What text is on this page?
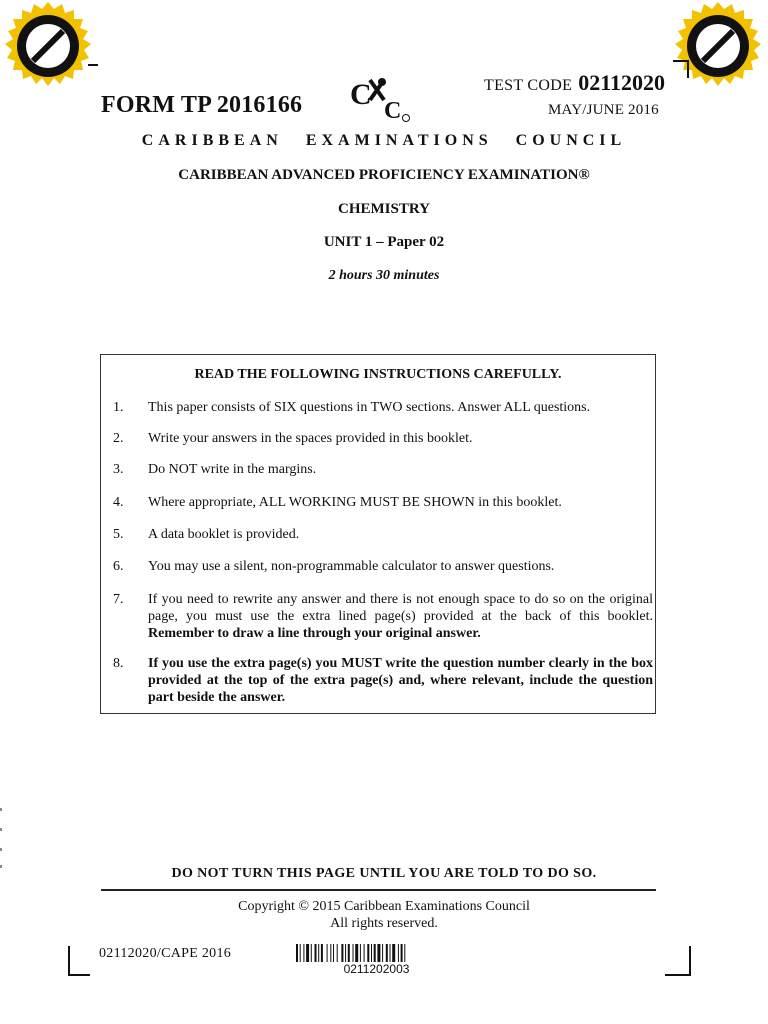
FORM TP 2016166 C C
TEST CODE 02112020
MAY/JUNE 2016
CARIBBEAN EXAMINATIONS COUNCIL
CARIBBEAN ADVANCED PROFICIENCY EXAMINATION®
CHEMISTRY
UNIT 1 – Paper 02
2 hours 30 minutes
READ THE FOLLOWING INSTRUCTIONS CAREFULLY.
1.	This paper consists of SIX questions in TWO sections. Answer ALL questions.
2.	Write your answers in the spaces provided in this booklet.
3.	Do NOT write in the margins.
4.	Where appropriate, ALL WORKING MUST BE SHOWN in this booklet.
5.	A data booklet is provided.
6.	You may use a silent, non-programmable calculator to answer questions.
7.	If you need to rewrite any answer and there is not enough space to do so on the original page, you must use the extra lined page(s) provided at the back of this booklet. Remember to draw a line through your original answer.
8.	If you use the extra page(s) you MUST write the question number clearly in the box provided at the top of the extra page(s) and, where relevant, include the question part beside the answer.
DO NOT TURN THIS PAGE UNTIL YOU ARE TOLD TO DO SO.
Copyright © 2015 Caribbean Examinations Council
All rights reserved.
02112020/CAPE 2016
0211202003
